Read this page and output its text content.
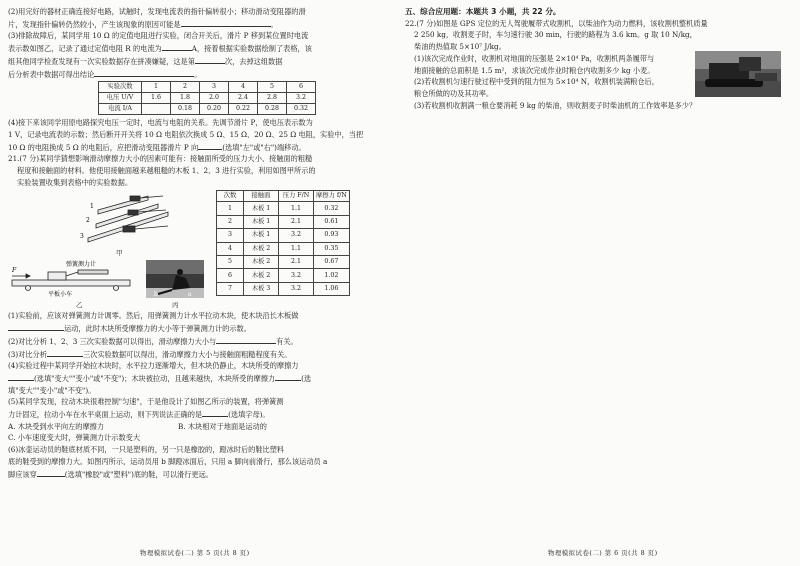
(2)用完好的器材正确连接好电路，试触时，发现电流表的指针偏转很小；移动滑动变阻器的滑

片，发现指针偏转仍然较小，产生该现象的原因可能是	。

(3)排除故障后，某同学用 10 Ω 的定值电阻进行实验，闭合开关后，滑片 P 移到某位置时电流

表示数如图乙，记录了通过定值电阻 R 的电流为	A，接着根据实验数据绘制了表格，该

组其他同学检查发现有一次实验数据存在拼凑嫌疑，这是第	次，去掉这组数据

后分析表中数据可得出结论	。

实验次数	1	2	3	4	5	6
电压 U/V	1.6	1.8	2.0	2.4	2.8	3.2
电流 I/A		0.18	0.20	0.22	0.28	0.32

(4)接下来该同学用原电路探究电压一定时，电流与电阻的关系。先调节滑片 P，使电压表示数为

1 V，记录电流表的示数；然后断开开关将 10 Ω 电阻依次换成 5 Ω、15 Ω、20 Ω、25 Ω 电阻，实验中，当把

10 Ω 的电阻换成 5 Ω 的电阻后，应把滑动变阻器滑片 P 向	(选填"左"或"右")端移动。

21.(7 分)某同学猜想影响滑动摩擦力大小的因素可能有：接触面所受的压力大小、接触面的粗糙

程度和接触面的材料。他使用接触面越来越粗糙的木板 1、2、3 进行实验，利用如图甲所示的

实验装置收集到表格中的实验数据。

1
2
3
甲
弹簧测力计
F
平板小车
乙
b	a
丙
次数	接触面	压力 F/N	摩擦力 f/N
1	木板 1	1.1	0.32
2	木板 1	2.1	0.61
3	木板 1	3.2	0.93
4	木板 2	1.1	0.35
5	木板 2	2.1	0.67
6	木板 2	3.2	1.02
7	木板 3	3.2	1.06

(1)实验前，应该对弹簧测力计调零。然后，用弹簧测力计水平拉动木块，使木块沿长木板做

运动，此时木块所受摩擦力的大小等于弹簧测力计的示数。

(2)对比分析 1、2、3 三次实验数据可以得出，滑动摩擦力大小与	有关。

(3)对比分析	三次实验数据可以得出，滑动摩擦力大小与接触面粗糙程度有关。

(4)实验过程中某同学开始拉木块时，水平拉力逐渐增大，但木块仍静止，木块所受的摩擦力

(选填"变大""变小"或"不变")；木块被拉动，且越来越快，木块所受的摩擦力	(选

填"变大""变小"或"不变")。

(5)某同学发现，拉动木块很难控制"匀速"，于是他设计了如图乙所示的装置，将弹簧测

力计固定，拉动小车在水平桌面上运动，则下列说法正确的是	(选填字母)。

A. 木块受到水平向左的摩擦力	B. 木块相对于地面是运动的

C. 小车速度变大时，弹簧测力计示数变大

(6)冰壶运动员的鞋底材质不同，一只是塑料的，另一只是橡胶的，蹬冰时后的鞋比塑料

底的鞋受到的摩擦力大。如图丙所示，运动员用 b 脚蹬冰面后，只用 a 脚向前滑行，那么该运动员 a

脚应该穿	(选填"橡胶"或"塑料")底的鞋，可以滑行更远。

物理模拟试卷(二) 第 5 页(共 8 页)

五、综合应用题：本题共 3 小题，共 22 分。

22.(7 分)如图是 GPS 定位的无人驾驶履带式收割机，以柴油作为动力燃料，该收割机整机质量

2 250 kg，收割麦子时，车匀速行驶 30 min，行驶的路程为 3.6 km。g 取 10 N/kg，

柴油的热值取 5×10⁷ J/kg。

(1)该次完成作业时，收割机对地面的压强是 2×10⁴ Pa，收割机两条履带与

地面接触的总面积是 1.5 m²，求该次完成作业时粮仓内收割多少 kg 小麦。

(2)若收割机匀速行驶过程中受到的阻力恒为 5×10⁴ N，收割机装满粮仓后，

粮仓所做的功及其功率。

(3)若收割机收割满一粮仓要消耗 9 kg 的柴油，则收割麦子时柴油机的工作效率是多少？

物理模拟试卷(二) 第 6 页(共 8 页)
